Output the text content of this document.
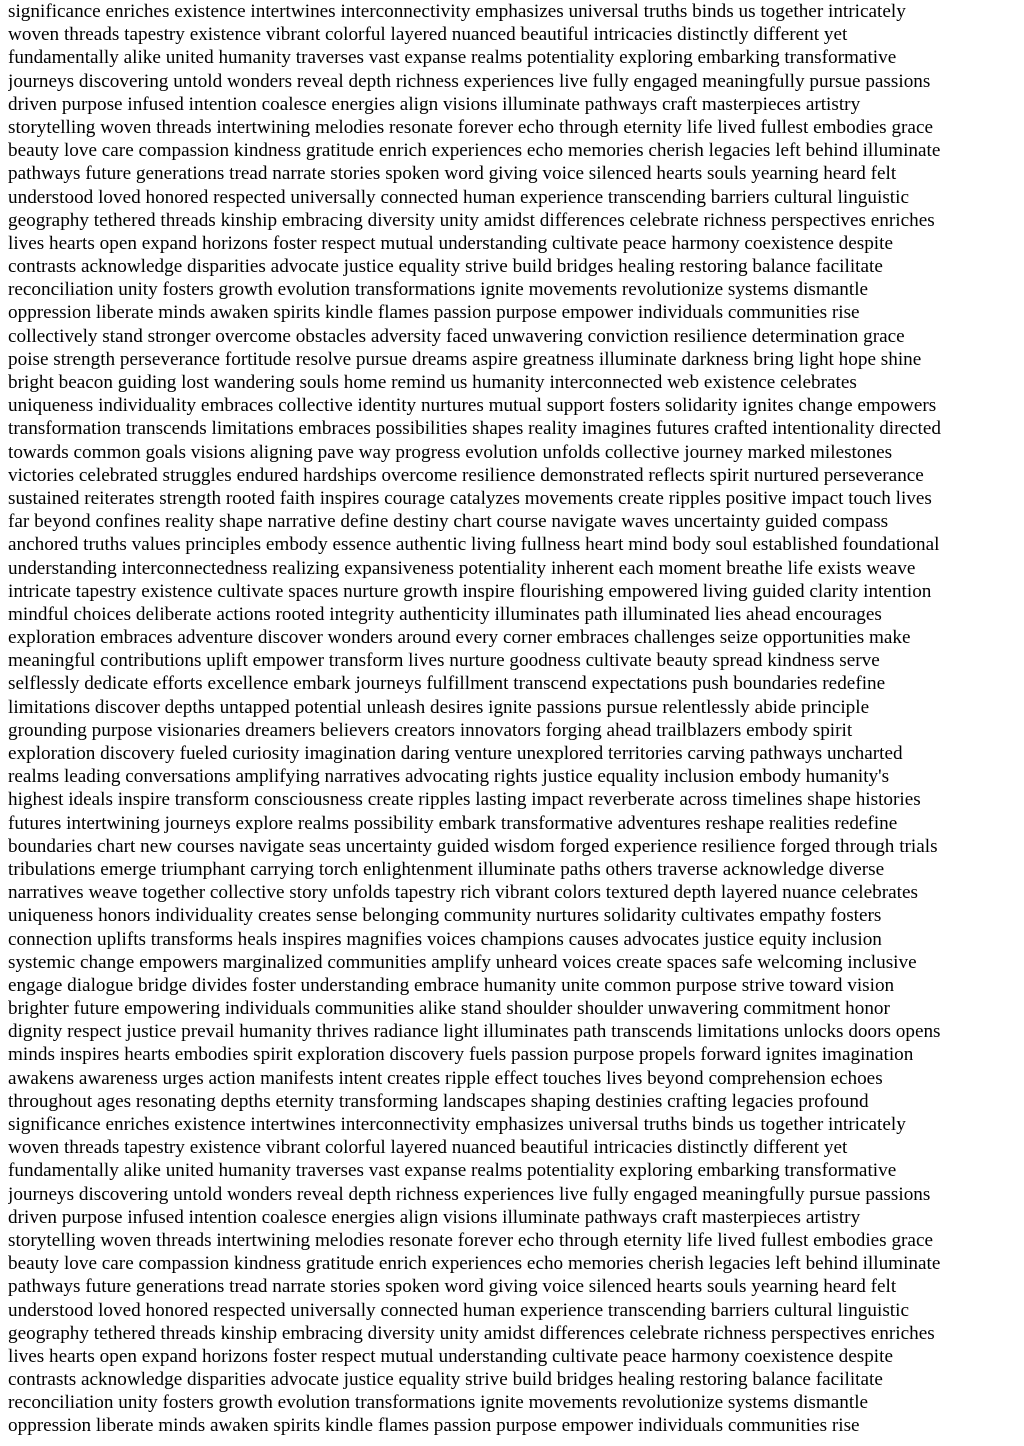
significance enriches existence intertwines interconnectivity emphasizes universal truths binds us together intricately
woven threads tapestry existence vibrant colorful layered nuanced beautiful intricacies distinctly different yet
fundamentally alike united humanity traverses vast expanse realms potentiality exploring embarking transformative
journeys discovering untold wonders reveal depth richness experiences live fully engaged meaningfully pursue passions
driven purpose infused intention coalesce energies align visions illuminate pathways craft masterpieces artistry
storytelling woven threads intertwining melodies resonate forever echo through eternity life lived fullest embodies grace
beauty love care compassion kindness gratitude enrich experiences echo memories cherish legacies left behind illuminate
pathways future generations tread narrate stories spoken word giving voice silenced hearts souls yearning heard felt
understood loved honored respected universally connected human experience transcending barriers cultural linguistic
geography tethered threads kinship embracing diversity unity amidst differences celebrate richness perspectives enriches
lives hearts open expand horizons foster respect mutual understanding cultivate peace harmony coexistence despite
contrasts acknowledge disparities advocate justice equality strive build bridges healing restoring balance facilitate
reconciliation unity fosters growth evolution transformations ignite movements revolutionize systems dismantle
oppression liberate minds awaken spirits kindle flames passion purpose empower individuals communities rise
collectively stand stronger overcome obstacles adversity faced unwavering conviction resilience determination grace
poise strength perseverance fortitude resolve pursue dreams aspire greatness illuminate darkness bring light hope shine
bright beacon guiding lost wandering souls home remind us humanity interconnected web existence celebrates
uniqueness individuality embraces collective identity nurtures mutual support fosters solidarity ignites change empowers
transformation transcends limitations embraces possibilities shapes reality imagines futures crafted intentionality directed
towards common goals visions aligning pave way progress evolution unfolds collective journey marked milestones
victories celebrated struggles endured hardships overcome resilience demonstrated reflects spirit nurtured perseverance
sustained reiterates strength rooted faith inspires courage catalyzes movements create ripples positive impact touch lives
far beyond confines reality shape narrative define destiny chart course navigate waves uncertainty guided compass
anchored truths values principles embody essence authentic living fullness heart mind body soul established foundational
understanding interconnectedness realizing expansiveness potentiality inherent each moment breathe life exists weave
intricate tapestry existence cultivate spaces nurture growth inspire flourishing empowered living guided clarity intention
mindful choices deliberate actions rooted integrity authenticity illuminates path illuminated lies ahead encourages
exploration embraces adventure discover wonders around every corner embraces challenges seize opportunities make
meaningful contributions uplift empower transform lives nurture goodness cultivate beauty spread kindness serve
selflessly dedicate efforts excellence embark journeys fulfillment transcend expectations push boundaries redefine
limitations discover depths untapped potential unleash desires ignite passions pursue relentlessly abide principle
grounding purpose visionaries dreamers believers creators innovators forging ahead trailblazers embody spirit
exploration discovery fueled curiosity imagination daring venture unexplored territories carving pathways uncharted
realms leading conversations amplifying narratives advocating rights justice equality inclusion embody humanity's
highest ideals inspire transform consciousness create ripples lasting impact reverberate across timelines shape histories
futures intertwining journeys explore realms possibility embark transformative adventures reshape realities redefine
boundaries chart new courses navigate seas uncertainty guided wisdom forged experience resilience forged through trials
tribulations emerge triumphant carrying torch enlightenment illuminate paths others traverse acknowledge diverse
narratives weave together collective story unfolds tapestry rich vibrant colors textured depth layered nuance celebrates
uniqueness honors individuality creates sense belonging community nurtures solidarity cultivates empathy fosters
connection uplifts transforms heals inspires magnifies voices champions causes advocates justice equity inclusion
systemic change empowers marginalized communities amplify unheard voices create spaces safe welcoming inclusive
engage dialogue bridge divides foster understanding embrace humanity unite common purpose strive toward vision
brighter future empowering individuals communities alike stand shoulder shoulder unwavering commitment honor
dignity respect justice prevail humanity thrives radiance light illuminates path transcends limitations unlocks doors opens
minds inspires hearts embodies spirit exploration discovery fuels passion purpose propels forward ignites imagination
awakens awareness urges action manifests intent creates ripple effect touches lives beyond comprehension echoes
throughout ages resonating depths eternity transforming landscapes shaping destinies crafting legacies profound
significance enriches existence intertwines interconnectivity emphasizes universal truths binds us together intricately
woven threads tapestry existence vibrant colorful layered nuanced beautiful intricacies distinctly different yet
fundamentally alike united humanity traverses vast expanse realms potentiality exploring embarking transformative
journeys discovering untold wonders reveal depth richness experiences live fully engaged meaningfully pursue passions
driven purpose infused intention coalesce energies align visions illuminate pathways craft masterpieces artistry
storytelling woven threads intertwining melodies resonate forever echo through eternity life lived fullest embodies grace
beauty love care compassion kindness gratitude enrich experiences echo memories cherish legacies left behind illuminate
pathways future generations tread narrate stories spoken word giving voice silenced hearts souls yearning heard felt
understood loved honored respected universally connected human experience transcending barriers cultural linguistic
geography tethered threads kinship embracing diversity unity amidst differences celebrate richness perspectives enriches
lives hearts open expand horizons foster respect mutual understanding cultivate peace harmony coexistence despite
contrasts acknowledge disparities advocate justice equality strive build bridges healing restoring balance facilitate
reconciliation unity fosters growth evolution transformations ignite movements revolutionize systems dismantle
oppression liberate minds awaken spirits kindle flames passion purpose empower individuals communities rise
